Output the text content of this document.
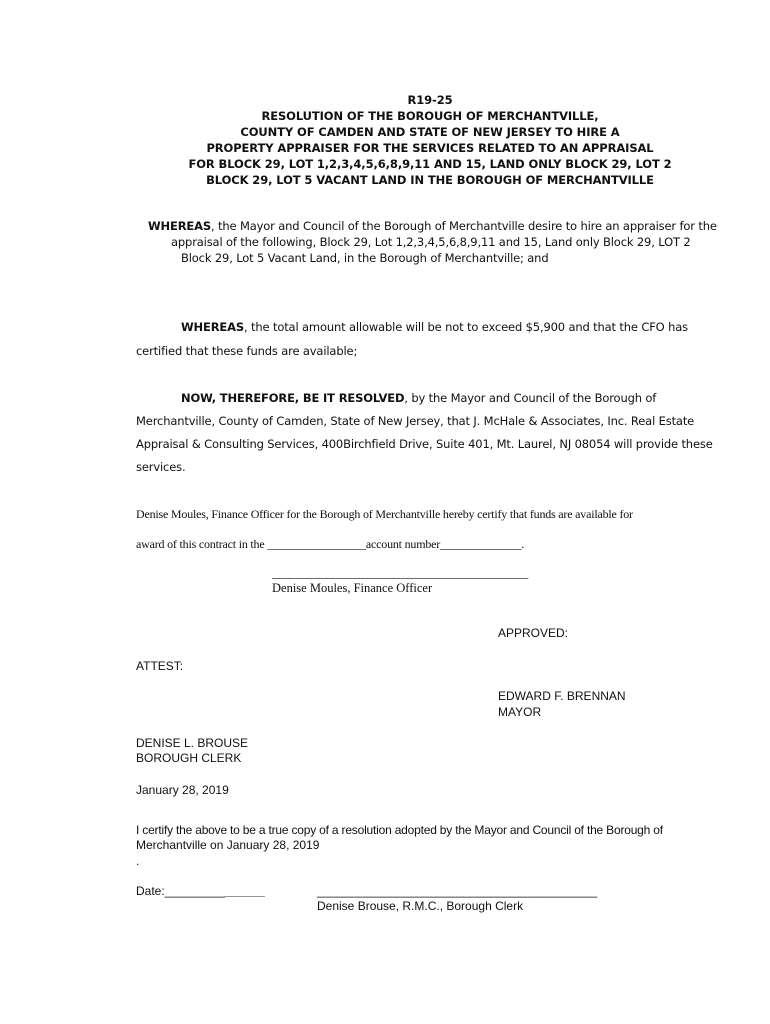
R19-25
RESOLUTION OF THE BOROUGH OF MERCHANTVILLE,
COUNTY OF CAMDEN AND STATE OF NEW JERSEY TO HIRE A
PROPERTY APPRAISER FOR THE SERVICES RELATED TO AN APPRAISAL
FOR BLOCK 29, LOT 1,2,3,4,5,6,8,9,11 AND 15, LAND ONLY BLOCK 29, LOT 2
BLOCK 29, LOT 5 VACANT LAND IN THE BOROUGH OF MERCHANTVILLE
WHEREAS, the Mayor and Council of the Borough of Merchantville desire to hire an appraiser for the
appraisal of the following, Block 29, Lot 1,2,3,4,5,6,8,9,11 and 15, Land only Block 29, LOT 2
Block 29, Lot 5 Vacant Land, in the Borough of Merchantville; and
WHEREAS, the total amount allowable will be not to exceed $5,900 and that the CFO has
certified that these funds are available;
NOW, THEREFORE, BE IT RESOLVED, by the Mayor and Council of the Borough of
Merchantville, County of Camden, State of New Jersey, that J. McHale & Associates, Inc. Real Estate
Appraisal & Consulting Services, 400Birchfield Drive, Suite 401, Mt. Laurel, NJ 08054 will provide these
services.
Denise Moules, Finance Officer for the Borough of Merchantville hereby certify that funds are available for
award of this contract in the _________________account number______________.
_________________________________________
Denise Moules, Finance Officer
APPROVED:
ATTEST:
EDWARD F. BRENNAN
MAYOR
DENISE L. BROUSE
BOROUGH CLERK
January 28, 2019
I certify the above to be a true copy of a resolution adopted by the Mayor and Council of the Borough of
Merchantville on January 28, 2019
.
Date:_______________	__________________________________________
Denise Brouse, R.M.C., Borough Clerk
